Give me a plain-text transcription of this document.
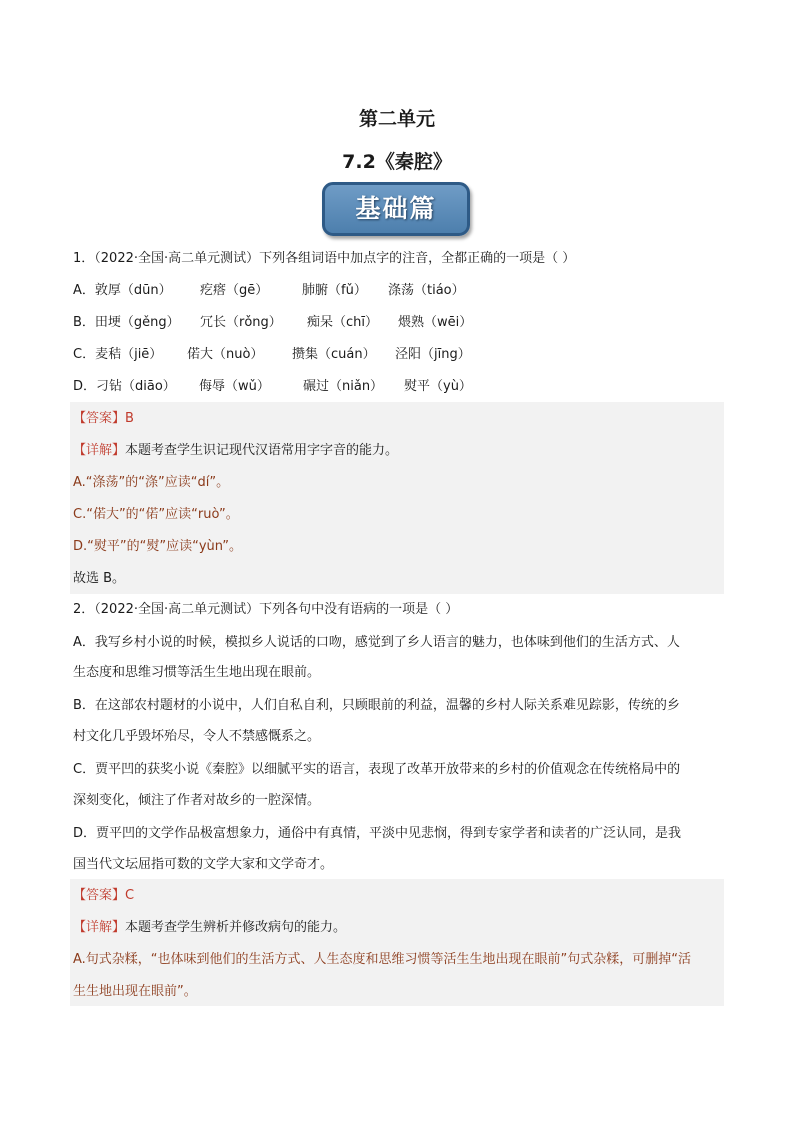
第二单元
7.2《秦腔》
基础篇
1．（2022·全国·高二单元测试）下列各组词语中加点字的注音，全都正确的一项是（ ）
A．敦厚（dūn） 疙瘩（gē）	肺腑（fǔ） 涤荡（tiáo）
B．田埂（gěng） 冗长（rǒng） 痴呆（chī） 煨熟（wēi）
C．麦秸（jiē） 偌大（nuò） 攒集（cuán） 泾阳（jīng）
D．刁钻（diāo） 侮辱（wǔ）	碾过（niǎn） 熨平（yù）
【答案】B
【详解】本题考查学生识记现代汉语常用字字音的能力。
A.“涤荡”的“涤”应读“dí”。
C.“偌大”的“偌”应读“ruò”。
D.“熨平”的“熨”应读“yùn”。
故选 B。
2．（2022·全国·高二单元测试）下列各句中没有语病的一项是（ ）
A．我写乡村小说的时候，模拟乡人说话的口吻，感觉到了乡人语言的魅力，也体味到他们的生活方式、人
生态度和思维习惯等活生生地出现在眼前。
B．在这部农村题材的小说中，人们自私自利，只顾眼前的利益，温馨的乡村人际关系难见踪影，传统的乡
村文化几乎毁坏殆尽，令人不禁感慨系之。
C．贾平凹的获奖小说《秦腔》以细腻平实的语言，表现了改革开放带来的乡村的价值观念在传统格局中的
深刻变化，倾注了作者对故乡的一腔深情。
D．贾平凹的文学作品极富想象力，通俗中有真情，平淡中见悲悯，得到专家学者和读者的广泛认同，是我
国当代文坛屈指可数的文学大家和文学奇才。
【答案】C
【详解】本题考查学生辨析并修改病句的能力。
A.句式杂糅，“也体味到他们的生活方式、人生态度和思维习惯等活生生地出现在眼前”句式杂糅，可删掉“活
生生地出现在眼前”。
